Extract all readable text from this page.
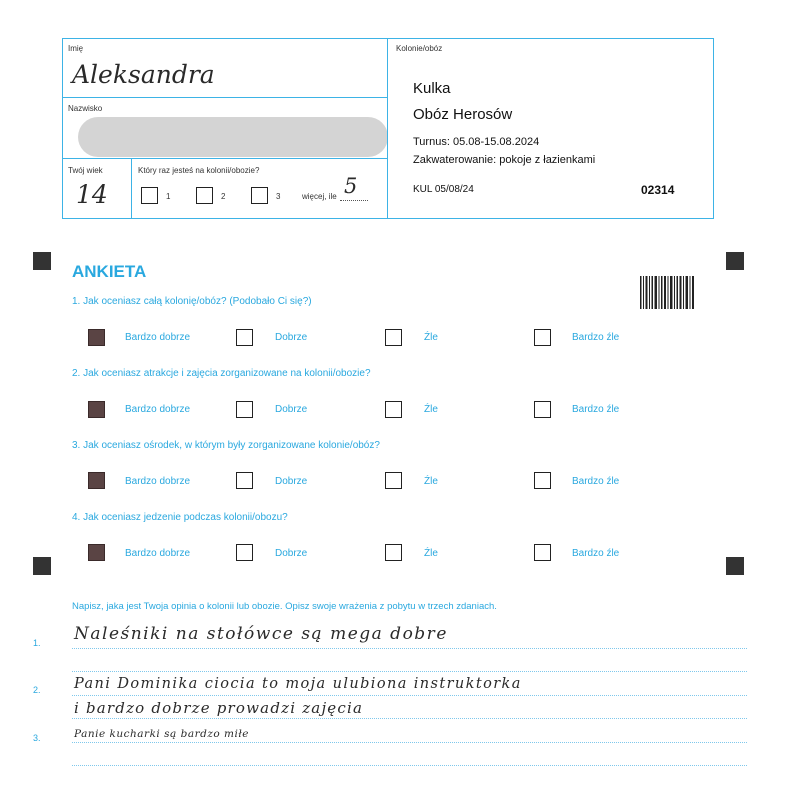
Imię
Aleksandra
Nazwisko
Twój wiek
14
Który raz jesteś na kolonii/obozie?
1	2	3	więcej, ile 5
Kolonie/obóz
Kulka
Obóz Herosów
Turnus: 05.08-15.08.2024
Zakwaterowanie: pokoje z łazienkami
KUL 05/08/24	02314
ANKIETA
1. Jak oceniasz całą kolonię/obóz? (Podobało Ci się?)
Bardzo dobrze	Dobrze	Źle	Bardzo źle
2. Jak oceniasz atrakcje i zajęcia zorganizowane na kolonii/obozie?
Bardzo dobrze	Dobrze	Źle	Bardzo źle
3. Jak oceniasz ośrodek, w którym były zorganizowane kolonie/obóz?
Bardzo dobrze	Dobrze	Źle	Bardzo źle
4. Jak oceniasz jedzenie podczas kolonii/obozu?
Bardzo dobrze	Dobrze	Źle	Bardzo źle
Napisz, jaka jest Twoja opinia o kolonii lub obozie. Opisz swoje wrażenia z pobytu w trzech zdaniach.
1.
2.
3.
Naleśniki na stołówce są mega dobre
Pani Dominika ciocia to moja ulubiona instruktorka
i bardzo dobrze prowadzi zajęcia
Panie kucharki są bardzo miłe
